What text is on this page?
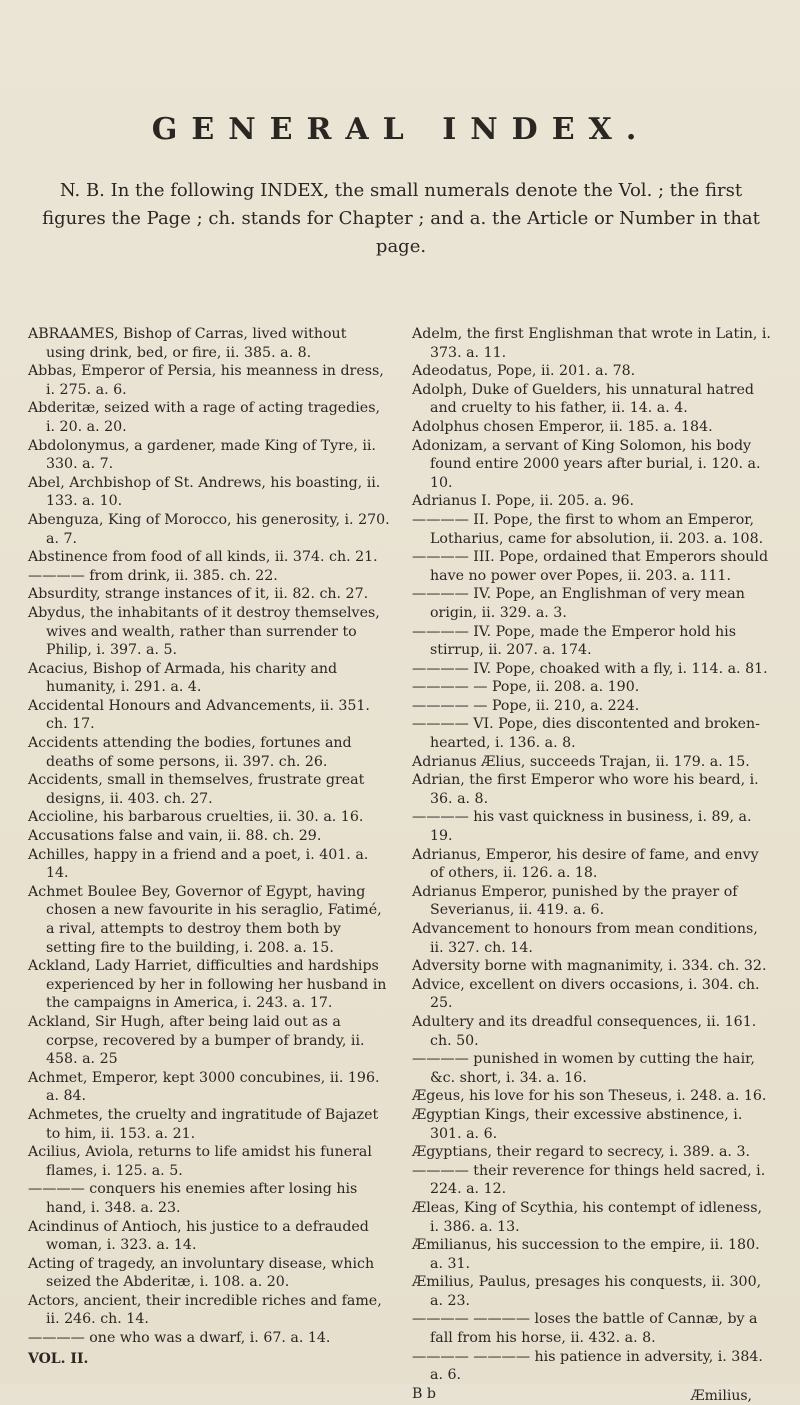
GENERAL INDEX.

N. B. In the following INDEX, the small numerals denote the Vol. ; the first figures the Page ; ch. stands for Chapter ; and a. the Article or Number in that page.

ABRAAMES, Bishop of Carras, lived without using drink, bed, or fire, ii. 385. a. 8.

Abbas, Emperor of Persia, his meanness in dress, i. 275. a. 6.

Abderitæ, seized with a rage of acting tragedies, i. 20. a. 20.

Abdolonymus, a gardener, made King of Tyre, ii. 330. a. 7.

Abel, Archbishop of St. Andrews, his boasting, ii. 133. a. 10.

Abenguza, King of Morocco, his generosity, i. 270. a. 7.

Abstinence from food of all kinds, ii. 374. ch. 21.

———— from drink, ii. 385. ch. 22.

Absurdity, strange instances of it, ii. 82. ch. 27.

Abydus, the inhabitants of it destroy themselves, wives and wealth, rather than surrender to Philip, i. 397. a. 5.

Acacius, Bishop of Armada, his charity and humanity, i. 291. a. 4.

Accidental Honours and Advancements, ii. 351. ch. 17.

Accidents attending the bodies, fortunes and deaths of some persons, ii. 397. ch. 26.

Accidents, small in themselves, frustrate great designs, ii. 403. ch. 27.

Accioline, his barbarous cruelties, ii. 30. a. 16.

Accusations false and vain, ii. 88. ch. 29.

Achilles, happy in a friend and a poet, i. 401. a. 14.

Achmet Boulee Bey, Governor of Egypt, having chosen a new favourite in his seraglio, Fatimé, a rival, attempts to destroy them both by setting fire to the building, i. 208. a. 15.

Ackland, Lady Harriet, difficulties and hardships experienced by her in following her husband in the campaigns in America, i. 243. a. 17.

Ackland, Sir Hugh, after being laid out as a corpse, recovered by a bumper of brandy, ii. 458. a. 25

Achmet, Emperor, kept 3000 concubines, ii. 196. a. 84.

Achmetes, the cruelty and ingratitude of Bajazet to him, ii. 153. a. 21.

Acilius, Aviola, returns to life amidst his funeral flames, i. 125. a. 5.

———— conquers his enemies after losing his hand, i. 348. a. 23.

Acindinus of Antioch, his justice to a defrauded woman, i. 323. a. 14.

Acting of tragedy, an involuntary disease, which seized the Abderitæ, i. 108. a. 20.

Actors, ancient, their incredible riches and fame, ii. 246. ch. 14.

———— one who was a dwarf, i. 67. a. 14.

VOL. II.

Adelm, the first Englishman that wrote in Latin, i. 373. a. 11.

Adeodatus, Pope, ii. 201. a. 78.

Adolph, Duke of Guelders, his unnatural hatred and cruelty to his father, ii. 14. a. 4.

Adolphus chosen Emperor, ii. 185. a. 184.

Adonizam, a servant of King Solomon, his body found entire 2000 years after burial, i. 120. a. 10.

Adrianus I. Pope, ii. 205. a. 96.

———— II. Pope, the first to whom an Emperor, Lotharius, came for absolution, ii. 203. a. 108.

———— III. Pope, ordained that Emperors should have no power over Popes, ii. 203. a. 111.

———— IV. Pope, an Englishman of very mean origin, ii. 329. a. 3.

———— IV. Pope, made the Emperor hold his stirrup, ii. 207. a. 174.

———— IV. Pope, choaked with a fly, i. 114. a. 81.

———— — Pope, ii. 208. a. 190.

———— — Pope, ii. 210, a. 224.

———— VI. Pope, dies discontented and broken-hearted, i. 136. a. 8.

Adrianus Ælius, succeeds Trajan, ii. 179. a. 15.

Adrian, the first Emperor who wore his beard, i. 36. a. 8.

———— his vast quickness in business, i. 89, a. 19.

Adrianus, Emperor, his desire of fame, and envy of others, ii. 126. a. 18.

Adrianus Emperor, punished by the prayer of Severianus, ii. 419. a. 6.

Advancement to honours from mean conditions, ii. 327. ch. 14.

Adversity borne with magnanimity, i. 334. ch. 32.

Advice, excellent on divers occasions, i. 304. ch. 25.

Adultery and its dreadful consequences, ii. 161. ch. 50.

———— punished in women by cutting the hair, &c. short, i. 34. a. 16.

Ægeus, his love for his son Theseus, i. 248. a. 16.

Ægyptian Kings, their excessive abstinence, i. 301. a. 6.

Ægyptians, their regard to secrecy, i. 389. a. 3.

———— their reverence for things held sacred, i. 224. a. 12.

Æleas, King of Scythia, his contempt of idleness, i. 386. a. 13.

Æmilianus, his succession to the empire, ii. 180. a. 31.

Æmilius, Paulus, presages his conquests, ii. 300, a. 23.

———— ———— loses the battle of Cannæ, by a fall from his horse, ii. 432. a. 8.

———— ———— his patience in adversity, i. 384. a. 6.

B b	Æmilius,
